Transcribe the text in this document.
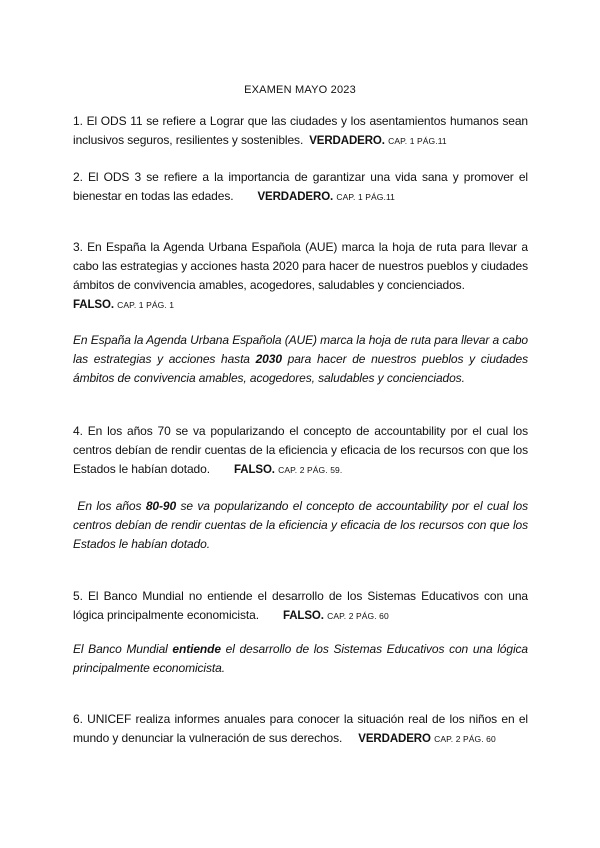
EXAMEN MAYO 2023
1. El ODS 11 se refiere a Lograr que las ciudades y los asentamientos humanos sean inclusivos seguros, resilientes y sostenibles. VERDADERO. CAP. 1 PÁG.11
2. El ODS 3 se refiere a la importancia de garantizar una vida sana y promover el bienestar en todas las edades. VERDADERO. CAP. 1 PÁG.11
3. En España la Agenda Urbana Española (AUE) marca la hoja de ruta para llevar a cabo las estrategias y acciones hasta 2020 para hacer de nuestros pueblos y ciudades ámbitos de convivencia amables, acogedores, saludables y concienciados.
FALSO. CAP. 1 PÁG. 1
En España la Agenda Urbana Española (AUE) marca la hoja de ruta para llevar a cabo las estrategias y acciones hasta 2030 para hacer de nuestros pueblos y ciudades ámbitos de convivencia amables, acogedores, saludables y concienciados.
4. En los años 70 se va popularizando el concepto de accountability por el cual los centros debían de rendir cuentas de la eficiencia y eficacia de los recursos con que los Estados le habían dotado. FALSO. CAP. 2 PÁG. 59.
En los años 80-90 se va popularizando el concepto de accountability por el cual los centros debían de rendir cuentas de la eficiencia y eficacia de los recursos con que los Estados le habían dotado.
5. El Banco Mundial no entiende el desarrollo de los Sistemas Educativos con una lógica principalmente economicista. FALSO. CAP. 2 PÁG. 60
El Banco Mundial entiende el desarrollo de los Sistemas Educativos con una lógica principalmente economicista.
6. UNICEF realiza informes anuales para conocer la situación real de los niños en el mundo y denunciar la vulneración de sus derechos. VERDADERO CAP. 2 PÁG. 60
